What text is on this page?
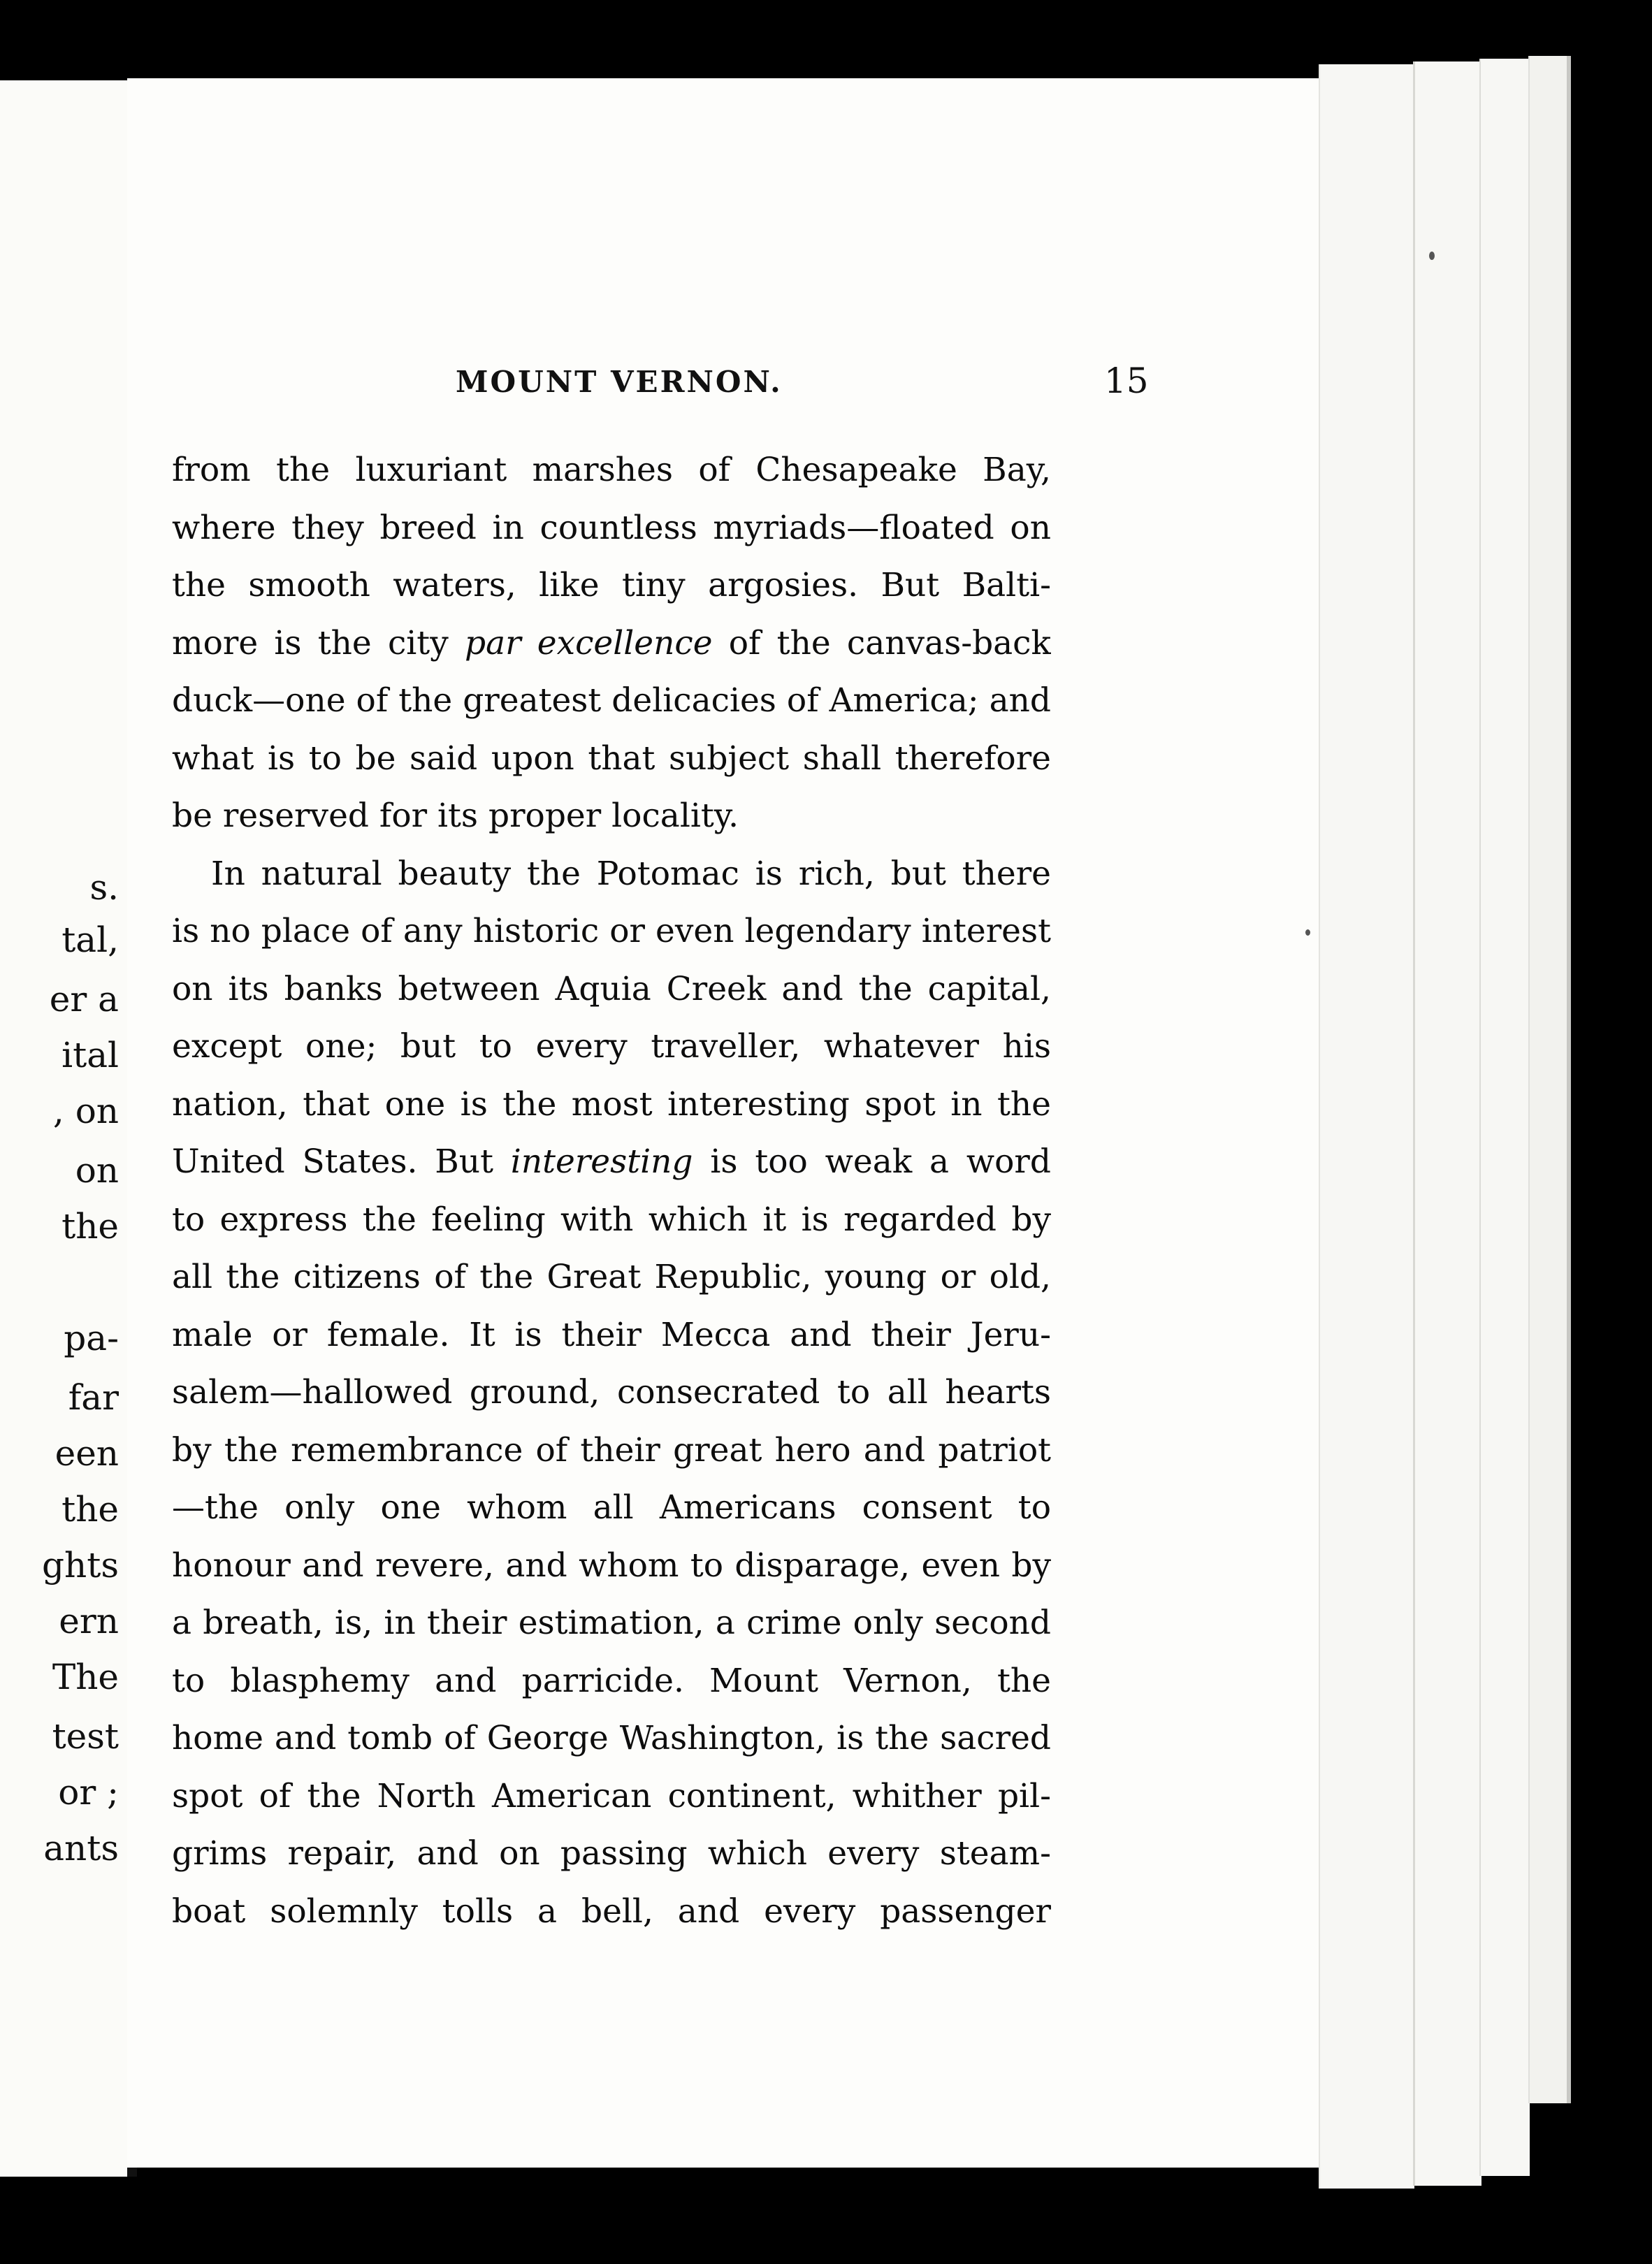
s.
tal,
er a
ital
, on
on
the
pa-
far
een
the
ghts
ern
The
test
or ;
ants
MOUNT VERNON.	15
from the luxuriant marshes of Chesapeake Bay,
where they breed in countless myriads—floated on
the smooth waters, like tiny argosies. But Balti-
more is the city par excellence of the canvas-back
duck—one of the greatest delicacies of America; and
what is to be said upon that subject shall therefore
be reserved for its proper locality.
In natural beauty the Potomac is rich, but there
is no place of any historic or even legendary interest
on its banks between Aquia Creek and the capital,
except one; but to every traveller, whatever his
nation, that one is the most interesting spot in the
United States. But interesting is too weak a word
to express the feeling with which it is regarded by
all the citizens of the Great Republic, young or old,
male or female. It is their Mecca and their Jeru-
salem—hallowed ground, consecrated to all hearts
by the remembrance of their great hero and patriot
—the only one whom all Americans consent to
honour and revere, and whom to disparage, even by
a breath, is, in their estimation, a crime only second
to blasphemy and parricide. Mount Vernon, the
home and tomb of George Washington, is the sacred
spot of the North American continent, whither pil-
grims repair, and on passing which every steam-
boat solemnly tolls a bell, and every passenger
